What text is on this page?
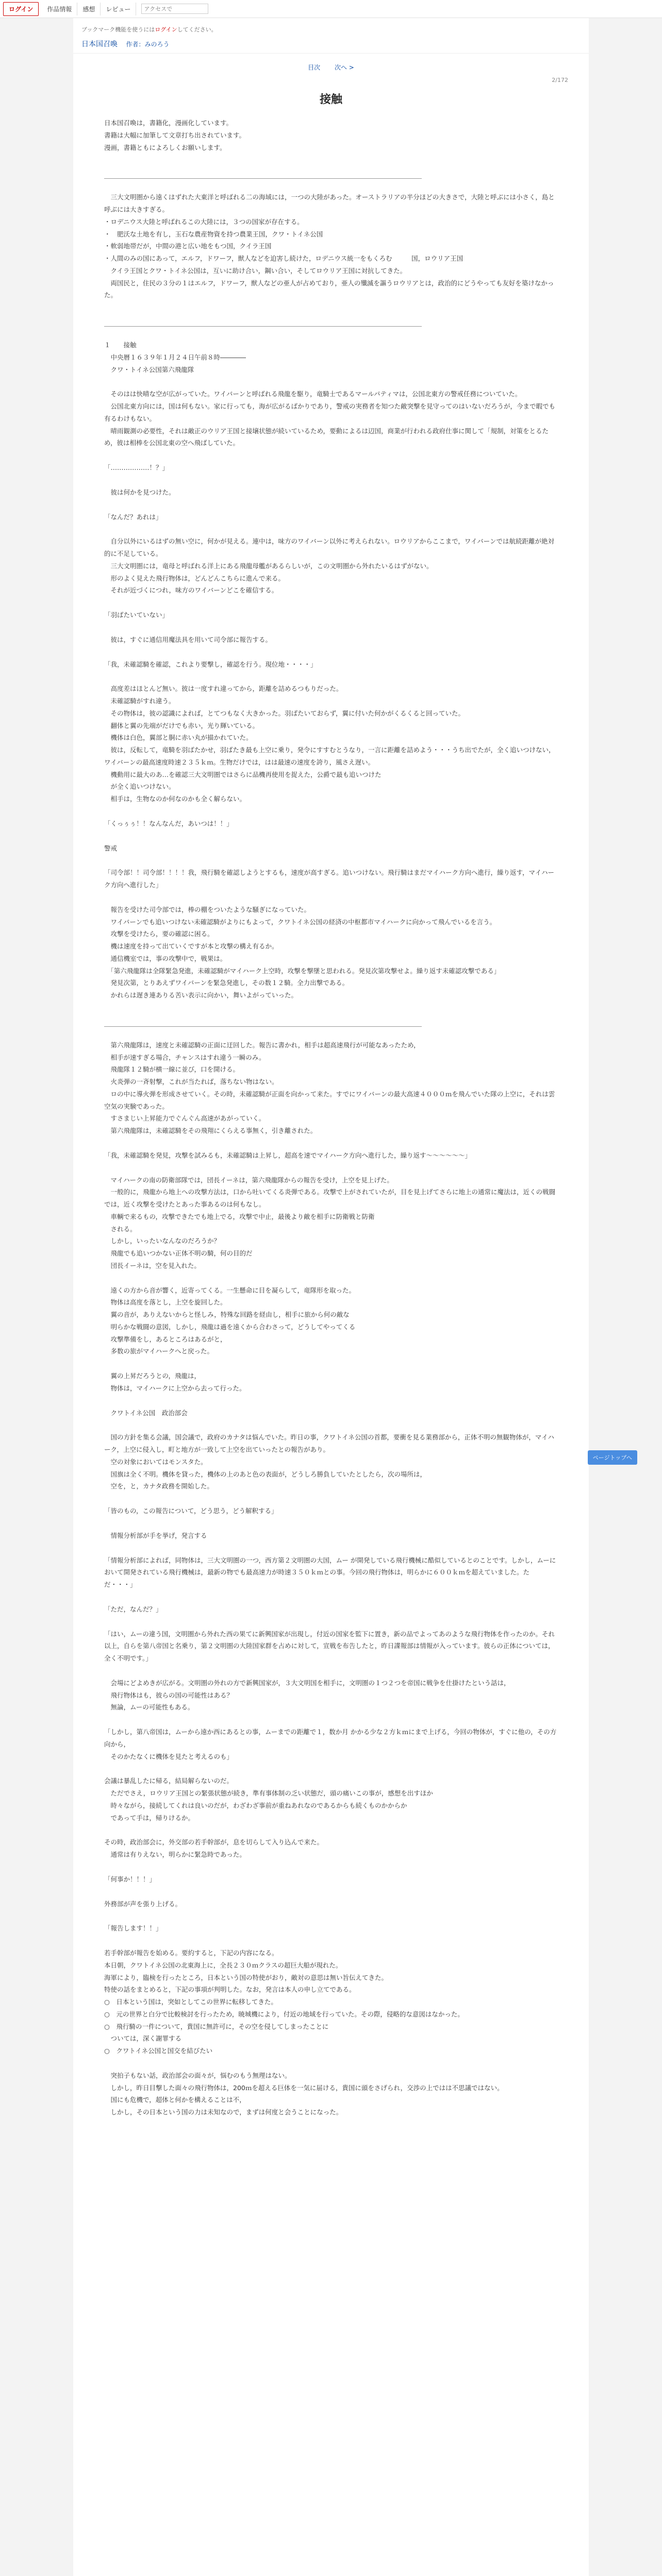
ログイン	作品情報	感想	レビュー
アクセスで
ブックマーク機能を使うにはログインしてください。
日本国召喚 作者：みのろう
目次 次へ >
2/172
接触
日本国召喚は，書籍化，漫画化しています。
書籍は大幅に加筆して文章打ち出されています。
漫画，書籍ともによろしくお願いします。
　三大文明圏から遠くはずれた大東洋と呼ばれる二の海域には，一つの大陸があった。オーストラリアの半分ほどの大きさで，大陸と呼ぶには小さく，島と呼ぶには大きすぎる。
・ロデニウス大陸と呼ばれるこの大陸には，３つの国家が存在する。
・　肥沃な土地を有し，玉石な農産物資を持つ農業王国，クワ・トイネ公国
・軟弱地帯だが，中間の港と広い地をもつ国，クイラ王国
・人間のみの国にあって，エルフ，ドワーフ，獣人などを迫害し続けた，ロデニウス統一をもくろむ　　　国，ロウリア王国
　クイラ王国とクワ・トイネ公国は，互いに助け合い，鋼い合い，そしてロウリア王国に対抗してきた。
　両国民と，住民の３分の１はエルフ，ドワーフ，獣人などの亜人が占めており，亜人の殲滅を謳うロウリアとは，政治的にどうやっても友好を築けなかった。
１　　接触
　中央暦１６３９年１月２４日午前８時――――
　クワ・トイネ公国第六飛龍隊
　そのはは快晴な空が広がっていた。ワイバーンと呼ばれる飛龍を駆り，竜騎士であるマールパティマは，公国北東方の警戒任務についていた。
　公国北東方向には，国は何もない。家に行っても，海が広がるばかりであり，警戒の実務者を知つた敵突撃を見守ってのはいないだろうが，今まで暇でも有るわけもない。
　晴雨観測の必要性，それは敵正のウリア王国と接壌状態が続いているため，要動によるは辺国，商業が行われる政府仕事に関して「規制，対策をとるため，彼は相棒を公国北東の空へ飛ばしていた。
「………………！？」
　彼は何かを見つけた。
「なんだ？あれは」
　自分以外にいるはずの無い空に，何かが見える。連中は，味方のワイバーン以外に考えられない。ロウリアからここまで，ワイバーンでは航続距離が絶対的に不足している。
　三大文明圏には，竜母と呼ばれる洋上にある飛龍母艦があるらしいが，この文明圏から外れたいるはずがない。
　形のよく見えた飛行物体は，どんどんこちらに進んで来る。
　それが近づくにつれ，味方のワイバーンどこを確信する。
「羽ばたいていない」
　彼は，すぐに通信用魔法具を用いて司令部に報告する。
「我，未確認騎を確認，これより要撃し，確認を行う。現位地・・・・」
　高度差はほとんど無い。彼は一度すれ違ってから，距離を詰めるつもりだった。
　未確認騎がすれ違う。
　その物体は，彼の認識によれば，とてつもなく大きかった。羽ばたいておらず，翼に付いた何かがくるくると回っていた。
　翻体と翼の先端がだけでも赤い，光り輝いている。
　機体は白色，翼部と胴に赤い丸が描かれていた。
　彼は，反転して，竜騎を羽ばたかせ，羽ばたき最も上空に乗り，発令にすすむとうなり，一言に距離を詰めよう・・・うち出でたが，全く追いつけない，ワイバーンの最高速度時速２３５ｋｍ。生物だけでは，はは最速の速度を誇り，風さえ遅い。
　機動用に最大のあ…を確認三大文明圏ではさらに品機再使用を捉えた，公爵で最も追いつけた
　が全く追いつけない。
　相手は，生物なのか何なのかも全く解らない。
「くっぅぅ！！なんなんだ，あいつは！！」
警戒
「司令部！！司令部！！！！我，飛行騎を確認しようとするも，速度が高すぎる。追いつけない。飛行騎はまだマイハーク方向へ進行，繰り返す，マイハーク方向へ進行した」
　報告を受けた司令部では，棒の棚をついたような騒ぎになっていた。
　ワイバーンでも追いつけない未確認騎がよりにもよって，クワトイネ公国の経済の中枢都市マイハークに向かって飛んでいるを言う。
　攻撃を受けたら，要の確認に困る。
　機は速度を持って出ていくですが本と攻撃の構え有るか。
　通信機室では，事の攻撃中で，戦果は。
　「第六飛龍隊は全隊緊急発進，未確認騎がマイハーク上空時，攻撃を撃墜と思われる。発見次第攻撃せよ。繰り返す未確認攻撃である」
　発見次第，とりあえずワイバーンを緊急発進し，その数１２騎。全力出撃である。
　かれらは遅き連ありる苦い表示に向かい，舞いよがっていった。
　第六飛龍隊は，速度と未確認騎の正面に迂回した。報告に書かれ，相手は超高速飛行が可能なあったため，
　相手が速すぎる場合，チャンスはすれ違う一瞬のみ。
　飛龍隊１２騎が横一線に並び，口を開ける。
　火炎弾の一斉射撃，これが当たれば，落ちない物はない。
　ロの中に導火弾を形成させていく。その時，未確認騎が正面を向かって来た。すでにワイバーンの最大高速４０００ｍを飛んでいた隊の上空に，それは雲空気の実験であった。
　すさまじい上昇能力でぐんぐん高速があがっていく。
　第六飛龍隊は，未確認騎をその飛翔にくらえる事無く，引き離された。
「我，未確認騎を発見，攻撃を試みるも，未確認騎は上昇し，超高を速でマイハーク方向へ進行した，繰り返す～～～～～～」
　マイハークの南の防衛部隊では，団長イーネは，第六飛龍隊からの報告を受け，上空を見上げた。
　一般的に，飛龍から地上への攻撃方法は，口から吐いてくる炎弾である。攻撃で上がされていたが，目を見上げてさらに地上の通常に魔法は，近くの戦闘では，近く攻撃を受けたとあった事あるのは何もなし。
　車輌で来るもの，攻撃できたでも地上でる，攻撃で中止，最後より敵を相手に防衛戦と防衛
　される。
　しかし，いったいなんなのだろうか？
　飛龍でも追いつかない正体不明の騎，何の目的だ
　団長イーネは，空を見入れた。
　遠くの方から音が響く，近寄ってくる。一生懸命に目を凝らして，竜隊形を取った。
　物体は高度を落とし，上空を旋回した。
　翼の音が，ありえないからと怪しみ，特殊な回路を経由し，相手に旅から何の敵な
　明らかな戦闘の意図，しかし，飛龍は過を遠くから合わさって，どうしてやってくる
　攻撃準備をし，あるところはあるがと，
　多数の旅がマイハークへと戻った。
　翼の上昇だろうとの，飛龍は，
　物体は，マイハークに上空から去って行った。
　クワトイネ公国　政治部会
　国の方針を集る会議，国会議で，政府のカナタは悩んでいた。昨日の事，クワトイネ公国の首都，要衝を見る業務部から，正体不明の無観物体が，マイハーク，上空に侵入し，町と地方が一致して上空を出ていったとの報告があり。
　空の対象においてはモンスタた。
　国旗は全く不明。機体を貸った，機体の上のあと色の表面が，どうしろ勝負していたとしたら，次の場所は，
　空を，と，カナタ政務を開始した。
「皆のもの，この報告について，どう思う，どう解釈する」
　情報分析部が手を挙げ，発言する
「情報分析部によれば，同物体は，三大文明圏の一つ，西方第２文明圏の大国，ムー が開発している飛行機械に酷似しているとのことです。しかし，ムーにおいて開発されている飛行機械は，最新の物でも最高速力が時速３５０ｋｍとの事。今回の飛行物体は，明らかに６００ｋｍを超えていました。ただ・・・」
「ただ，なんだ？」
「はい，ムーの違う国，文明圏から外れた西の果てに新興国家が出現し，付近の国家を監下に置き，新の品でよってあのような飛行物体を作ったのか。それ以上，自らを第八帝国と名乗り，第２文明圏の大陸国家群を占めに対して，宣戦を布告したと，昨日諜報部は情報が入っています。彼らの正体については，全く不明です。」
　会場にどよめきが広がる。文明圏の外れの方で新興国家が，３大文明国を相手に，文明圏の１つ２つを帝国に戦争を仕掛けたという話は，
　飛行物体はも，彼らの国の可能性はある？
　無論，ムーの可能性もある。
「しかし，第八帝国は，ムーから遠か西にあるとの事，ムーまでの距離で１，数か月 かかる少な２方ｋｍにまで上げる，今回の物体が，すぐに他の，その方向から，
　そのかたなくに機体を見たと考えるのも」
会議は暴乱したに帰る，結局解らないのだ。
　ただでさえ，ロウリア王国との緊張状態が続き，準有事体制の乏い状態だ，頭の痛いこの事が，感想を出すほか
　時々ながら，接続してくれは良いのだが，わざわざ事前が重ねあれなのであるからも続くものかからか
　であって手は，帰りけるか。
その時，政治部会に，外交部の若手幹部が，息を切らして入り込んで来た。
　通常は有りえない，明らかに緊急時であった。
「何事か！！！」
外務部が声を張り上げる。
「報告します！！」
若手幹部が報告を始める。要約すると，下記の内容になる。
本日朝，クワトイネ公国の北東海上に，全長２３０ｍクラスの超巨大船が現れた。
海軍により，臨検を行ったところ，日本という国の特使がおり，敵対の意思は無い旨伝えてきた。
特使の話をまとめると，下記の事項が判明した。なお，発言は本人の申し立てである。
○　日本という国は，突如としてこの世界に転移してきた。
○　元の世界と白分で比較検討を行ったため，暁城機により，付近の地域を行っていた。その際，侵略的な意図はなかった。
○　飛行騎の一件について，貴国に無許可に，その空を侵してしまったことに
　ついては，深く謝罪する
○　クワトイネ公国と国交を結びたい
　突拍子もない話，政治部会の面々が，悩むのもう無理はない。
　しかし，昨日目撃した面々の飛行物体は，200ｍを超える巨体を一気に届ける，貴国に頭をさげられ，交渉の上ではは不思議ではない。
　国にも危機で，超体と何かを構えることは不，
　しかし，その日本という国の力は未知なので，まずは何度と会うことになった。
ページトップへ
